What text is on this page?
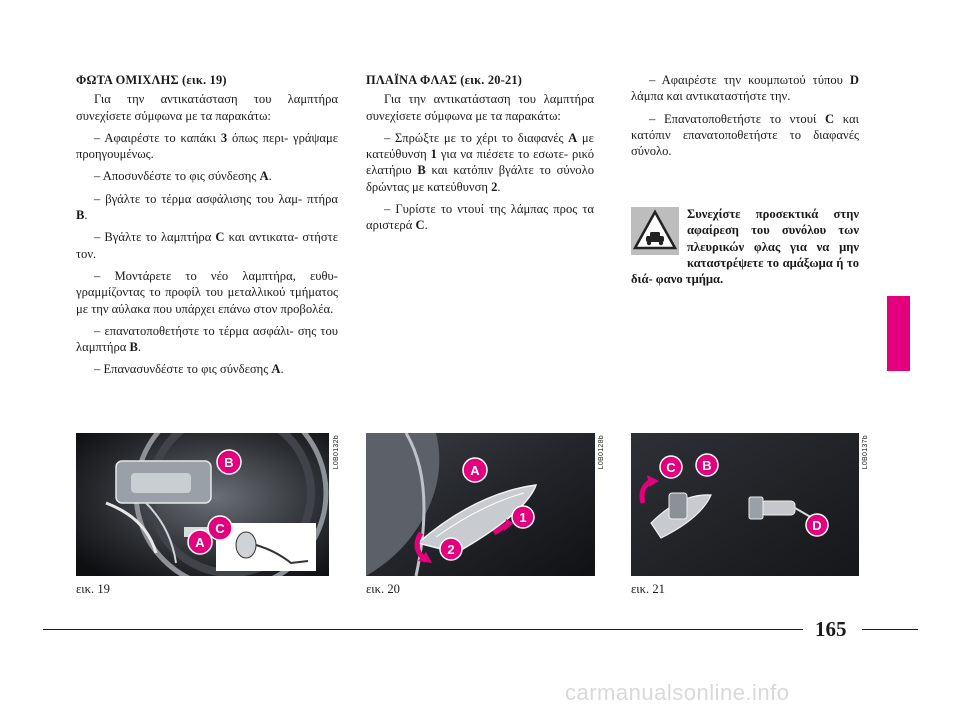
ΦΩΤΑ ΟΜΙΧΛΗΣ (εικ. 19)

Για την αντικατάσταση του λαμπτήρα συνεχίσετε σύμφωνα με τα παρακάτω:

– Αφαιρέστε το καπάκι 3 όπως περι- γράψαμε προηγουμένως.

– Αποσυνδέστε το φις σύνδεσης A.

– βγάλτε το τέρμα ασφάλισης του λαμ- πτήρα B.

– Βγάλτε το λαμπτήρα C και αντικατα- στήστε τον.

– Μοντάρετε το νέο λαμπτήρα, ευθυ- γραμμίζοντας το προφίλ του μεταλλικού τμήματος με την αύλακα που υπάρχει επάνω στον προβολέα.

– επανατοποθετήστε το τέρμα ασφάλι- σης του λαμπτήρα B.

– Επανασυνδέστε το φις σύνδεσης A.

ΠΛΑΪΝΑ ΦΛΑΣ (εικ. 20-21)

Για την αντικατάσταση του λαμπτήρα συνεχίσετε σύμφωνα με τα παρακάτω:

– Σπρώξτε με το χέρι το διαφανές A με κατεύθυνση 1 για να πιέσετε το εσωτε- ρικό ελατήριο B και κατόπιν βγάλτε το σύνολο δρώντας με κατεύθυνση 2.

– Γυρίστε το ντουί της λάμπας προς τα αριστερά C.

– Αφαιρέστε την κουμπωτού τύπου D λάμπα και αντικαταστήστε την.

– Επανατοποθετήστε το ντουί C και κατόπιν επανατοποθετήστε το διαφανές σύνολο.

Συνεχίστε προσεκτικά στην αφαίρεση του συνόλου των πλευρικών φλας για να μην καταστρέψετε το αμάξωμα ή το διά- φανο τμήμα.
B
C
A
L0B0132b
εικ. 19
A
1
2
L0B0128b
εικ. 20
C B
D
L0B0137b
εικ. 21
165
carmanualsonline.info
